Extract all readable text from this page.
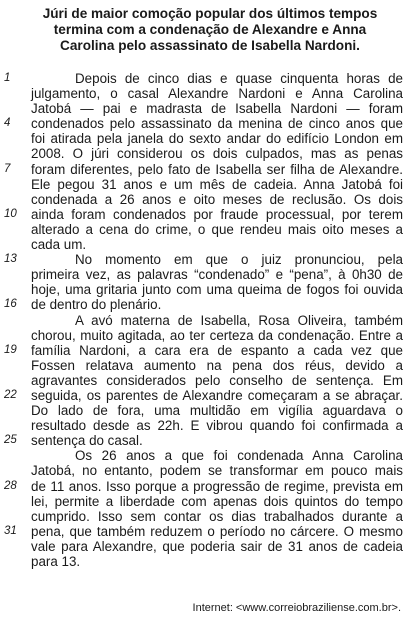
Júri de maior comoção popular dos últimos tempos
termina com a condenação de Alexandre e Anna
Carolina pelo assassinato de Isabella Nardoni.
1	Depois de cinco dias e quase cinquenta horas de
julgamento, o casal Alexandre Nardoni e Anna Carolina
Jatobá — pai e madrasta de Isabella Nardoni — foram
4 condenados pelo assassinato da menina de cinco anos que
foi atirada pela janela do sexto andar do edifício London em
2008. O júri considerou os dois culpados, mas as penas
7 foram diferentes, pelo fato de Isabella ser filha de Alexandre.
Ele pegou 31 anos e um mês de cadeia. Anna Jatobá foi
condenada a 26 anos e oito meses de reclusão. Os dois
10 ainda foram condenados por fraude processual, por terem
alterado a cena do crime, o que rendeu mais oito meses a
cada um.
13	No momento em que o juiz pronunciou, pela
primeira vez, as palavras “condenado” e “pena”, à 0h30 de
hoje, uma gritaria junto com uma queima de fogos foi ouvida
16 de dentro do plenário.
A avó materna de Isabella, Rosa Oliveira, também
chorou, muito agitada, ao ter certeza da condenação. Entre a
19 família Nardoni, a cara era de espanto a cada vez que
Fossen relatava aumento na pena dos réus, devido a
agravantes considerados pelo conselho de sentença. Em
22 seguida, os parentes de Alexandre começaram a se abraçar.
Do lado de fora, uma multidão em vigília aguardava o
resultado desde as 22h. E vibrou quando foi confirmada a
25 sentença do casal.
Os 26 anos a que foi condenada Anna Carolina
Jatobá, no entanto, podem se transformar em pouco mais
28 de 11 anos. Isso porque a progressão de regime, prevista em
lei, permite a liberdade com apenas dois quintos do tempo
cumprido. Isso sem contar os dias trabalhados durante a
31 pena, que também reduzem o período no cárcere. O mesmo
vale para Alexandre, que poderia sair de 31 anos de cadeia
para 13.
Internet: <www.correiobraziliense.com.br>.
